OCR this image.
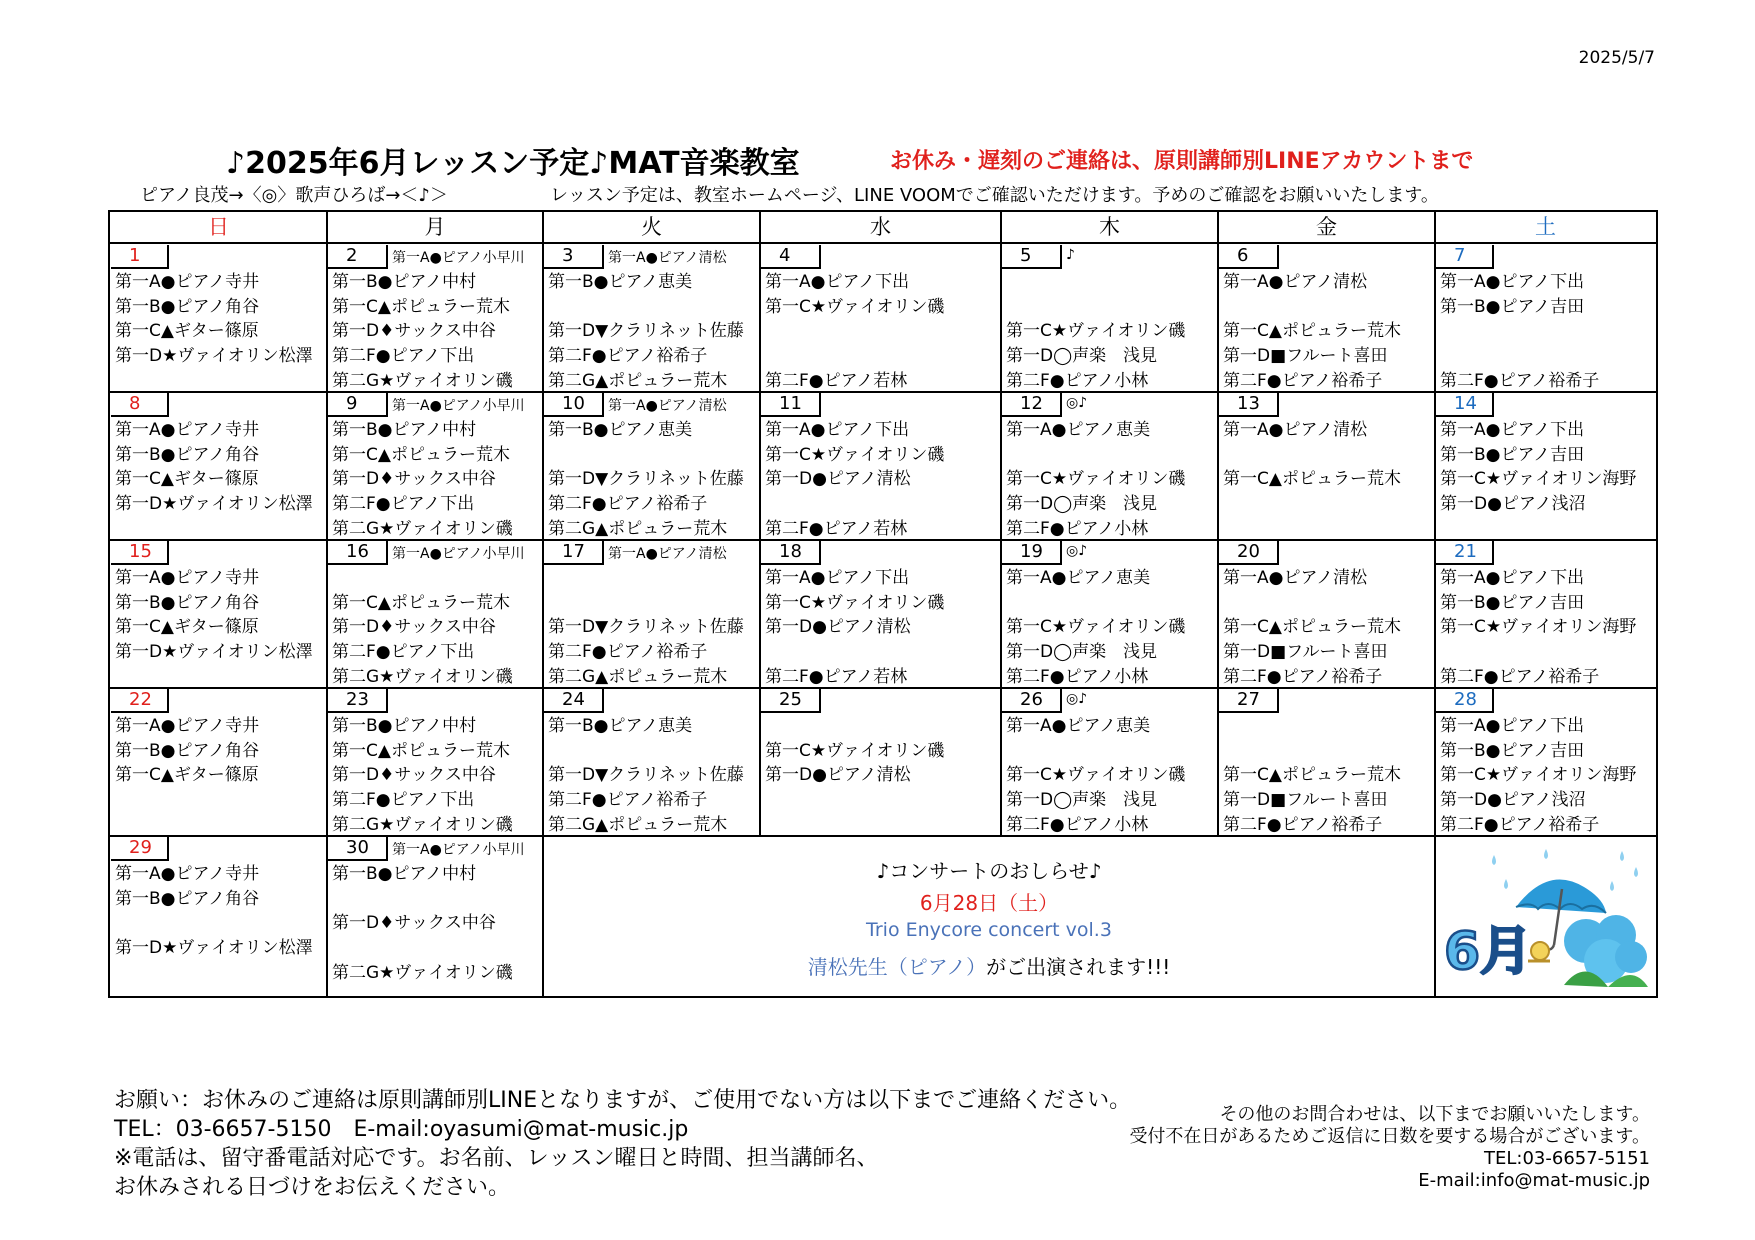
2025/5/7
♪2025年6月レッスン予定♪MAT音楽教室	お休み・遅刻のご連絡は、原則講師別LINEアカウントまで
ピアノ良茂→〈◎〉歌声ひろば→＜♪＞	レッスン予定は、教室ホームページ、LINE VOOMでご確認いただけます。予めのご確認をお願いいたします。
日	月	火	水	木	金	土
1
第一A●ピアノ寺井
第一B●ピアノ角谷
第一C▲ギター篠原
第一D★ヴァイオリン松澤
2	第一A●ピアノ小早川
第一B●ピアノ中村
第一C▲ポピュラー荒木
第一D♦サックス中谷
第二F●ピアノ下出
第二G★ヴァイオリン磯
3	第一A●ピアノ清松
第一B●ピアノ恵美
第一D▼クラリネット佐藤
第二F●ピアノ裕希子
第二G▲ポピュラー荒木
4
第一A●ピアノ下出
第一C★ヴァイオリン磯
第二F●ピアノ若林
5	♪
第一C★ヴァイオリン磯
第一D◯声楽　浅見
第二F●ピアノ小林
6
第一A●ピアノ清松
第一C▲ポピュラー荒木
第一D■フルート喜田
第二F●ピアノ裕希子
7
第一A●ピアノ下出
第一B●ピアノ吉田
第二F●ピアノ裕希子
8
第一A●ピアノ寺井
第一B●ピアノ角谷
第一C▲ギター篠原
第一D★ヴァイオリン松澤
9	第一A●ピアノ小早川
第一B●ピアノ中村
第一C▲ポピュラー荒木
第一D♦サックス中谷
第二F●ピアノ下出
第二G★ヴァイオリン磯
10	第一A●ピアノ清松
第一B●ピアノ恵美
第一D▼クラリネット佐藤
第二F●ピアノ裕希子
第二G▲ポピュラー荒木
11
第一A●ピアノ下出
第一C★ヴァイオリン磯
第一D●ピアノ清松
第二F●ピアノ若林
12	◎♪
第一A●ピアノ恵美
第一C★ヴァイオリン磯
第一D◯声楽　浅見
第二F●ピアノ小林
13
第一A●ピアノ清松
第一C▲ポピュラー荒木
14
第一A●ピアノ下出
第一B●ピアノ吉田
第一C★ヴァイオリン海野
第一D●ピアノ浅沼
15
第一A●ピアノ寺井
第一B●ピアノ角谷
第一C▲ギター篠原
第一D★ヴァイオリン松澤
16	第一A●ピアノ小早川
第一C▲ポピュラー荒木
第一D♦サックス中谷
第二F●ピアノ下出
第二G★ヴァイオリン磯
17	第一A●ピアノ清松
第一D▼クラリネット佐藤
第二F●ピアノ裕希子
第二G▲ポピュラー荒木
18
第一A●ピアノ下出
第一C★ヴァイオリン磯
第一D●ピアノ清松
第二F●ピアノ若林
19	◎♪
第一A●ピアノ恵美
第一C★ヴァイオリン磯
第一D◯声楽　浅見
第二F●ピアノ小林
20
第一A●ピアノ清松
第一C▲ポピュラー荒木
第一D■フルート喜田
第二F●ピアノ裕希子
21
第一A●ピアノ下出
第一B●ピアノ吉田
第一C★ヴァイオリン海野
第二F●ピアノ裕希子
22
第一A●ピアノ寺井
第一B●ピアノ角谷
第一C▲ギター篠原
23
第一B●ピアノ中村
第一C▲ポピュラー荒木
第一D♦サックス中谷
第二F●ピアノ下出
第二G★ヴァイオリン磯
24
第一B●ピアノ恵美
第一D▼クラリネット佐藤
第二F●ピアノ裕希子
第二G▲ポピュラー荒木
25
第一C★ヴァイオリン磯
第一D●ピアノ清松
26	◎♪
第一A●ピアノ恵美
第一C★ヴァイオリン磯
第一D◯声楽　浅見
第二F●ピアノ小林
27
第一C▲ポピュラー荒木
第一D■フルート喜田
第二F●ピアノ裕希子
28
第一A●ピアノ下出
第一B●ピアノ吉田
第一C★ヴァイオリン海野
第一D●ピアノ浅沼
第二F●ピアノ裕希子
29
第一A●ピアノ寺井
第一B●ピアノ角谷
第一D★ヴァイオリン松澤
30	第一A●ピアノ小早川
第一B●ピアノ中村
第一D♦サックス中谷
第二G★ヴァイオリン磯
♪コンサートのおしらせ♪
6月28日（土）
Trio Enycore concert vol.3
清松先生（ピアノ）がご出演されます!!!	6月
お願い：お休みのご連絡は原則講師別LINEとなりますが、ご使用でない方は以下までご連絡ください。
TEL：03-6657-5150　E-mail:oyasumi@mat-music.jp
※電話は、留守番電話対応です。お名前、レッスン曜日と時間、担当講師名、
お休みされる日づけをお伝えください。
その他のお問合わせは、以下までお願いいたします。
受付不在日があるためご返信に日数を要する場合がございます。
TEL:03-6657-5151
E-mail:info@mat-music.jp
